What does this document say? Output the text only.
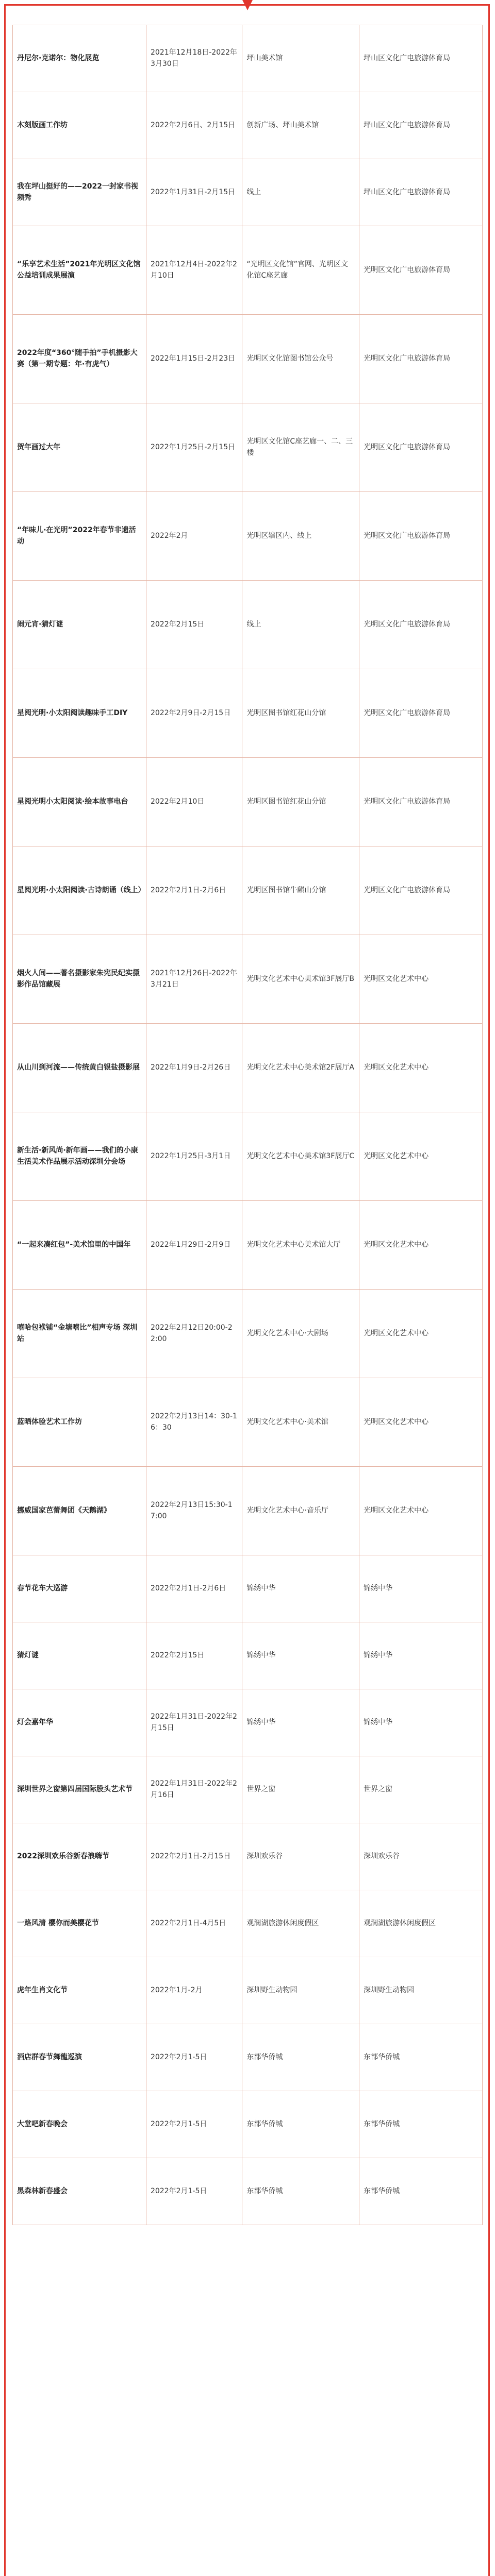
丹尼尔·克诺尔：物化展览	2021年12月18日-2022年3月30日	坪山美术馆	坪山区文化广电旅游体育局
木刻版画工作坊	2022年2月6日、2月15日	创新广场、坪山美术馆	坪山区文化广电旅游体育局
我在坪山挺好的——2022一封家书视频秀	2022年1月31日-2月15日	线上	坪山区文化广电旅游体育局
“乐享艺术生活”2021年光明区文化馆公益培训成果展演	2021年12月4日-2022年2月10日	“光明区文化馆”官网、光明区文化馆C座艺廊	光明区文化广电旅游体育局
2022年度“360°随手拍”手机摄影大赛（第一期专题：年·有虎气）	2022年1月15日-2月23日	光明区文化馆图书馆公众号	光明区文化广电旅游体育局
贺年画过大年	2022年1月25日-2月15日	光明区文化馆C座艺廊一、二、三楼	光明区文化广电旅游体育局
“年味儿·在光明”2022年春节非遗活动	2022年2月	光明区辖区内、线上	光明区文化广电旅游体育局
闹元宵·猜灯谜	2022年2月15日	线上	光明区文化广电旅游体育局
星阅光明·小太阳阅读趣味手工DIY	2022年2月9日-2月15日	光明区图书馆红花山分馆	光明区文化广电旅游体育局
星阅光明小太阳阅读·绘本故事电台	2022年2月10日	光明区图书馆红花山分馆	光明区文化广电旅游体育局
星阅光明·小太阳阅读·古诗朗诵（线上）	2022年2月1日-2月6日	光明区图书馆牛麒山分馆	光明区文化广电旅游体育局
烟火人间——著名摄影家朱宪民纪实摄影作品馆藏展	2021年12月26日-2022年3月21日	光明文化艺术中心美术馆3F展厅B	光明区文化艺术中心
从山川到河流——传统黄白银盐摄影展	2022年1月9日-2月26日	光明文化艺术中心美术馆2F展厅A	光明区文化艺术中心
新生活·新风尚·新年画——我们的小康生活美术作品展示活动深圳分会场	2022年1月25日-3月1日	光明文化艺术中心美术馆3F展厅C	光明区文化艺术中心
“一起来凑红包”-美术馆里的中国年	2022年1月29日-2月9日	光明文化艺术中心美术馆大厅	光明区文化艺术中心
嘻哈包袱铺“金塘嘻比”相声专场 深圳站	2022年2月12日20:00-22:00	光明文化艺术中心·大剧场	光明区文化艺术中心
蓝晒体验艺术工作坊	2022年2月13日14：30-16：30	光明文化艺术中心·美术馆	光明区文化艺术中心
挪威国家芭蕾舞团《天鹅湖》	2022年2月13日15:30-17:00	光明文化艺术中心·音乐厅	光明区文化艺术中心
春节花车大巡游	2022年2月1日-2月6日	锦绣中华	锦绣中华
猜灯谜	2022年2月15日	锦绣中华	锦绣中华
灯会嘉年华	2022年1月31日-2022年2月15日	锦绣中华	锦绣中华
深圳世界之窗第四届国际股头艺术节	2022年1月31日-2022年2月16日	世界之窗	世界之窗
2022深圳欢乐谷新春浪嗨节	2022年2月1日-2月15日	深圳欢乐谷	深圳欢乐谷
一路风清 樱你而美樱花节	2022年2月1日-4月5日	观澜湖旅游休闲度假区	观澜湖旅游休闲度假区
虎年生肖文化节	2022年1月-2月	深圳野生动物园	深圳野生动物园
酒店群春节舞龍巡演	2022年2月1-5日	东部华侨城	东部华侨城
大堂吧新春晚会	2022年2月1-5日	东部华侨城	东部华侨城
黑森林新春盛会	2022年2月1-5日	东部华侨城	东部华侨城
